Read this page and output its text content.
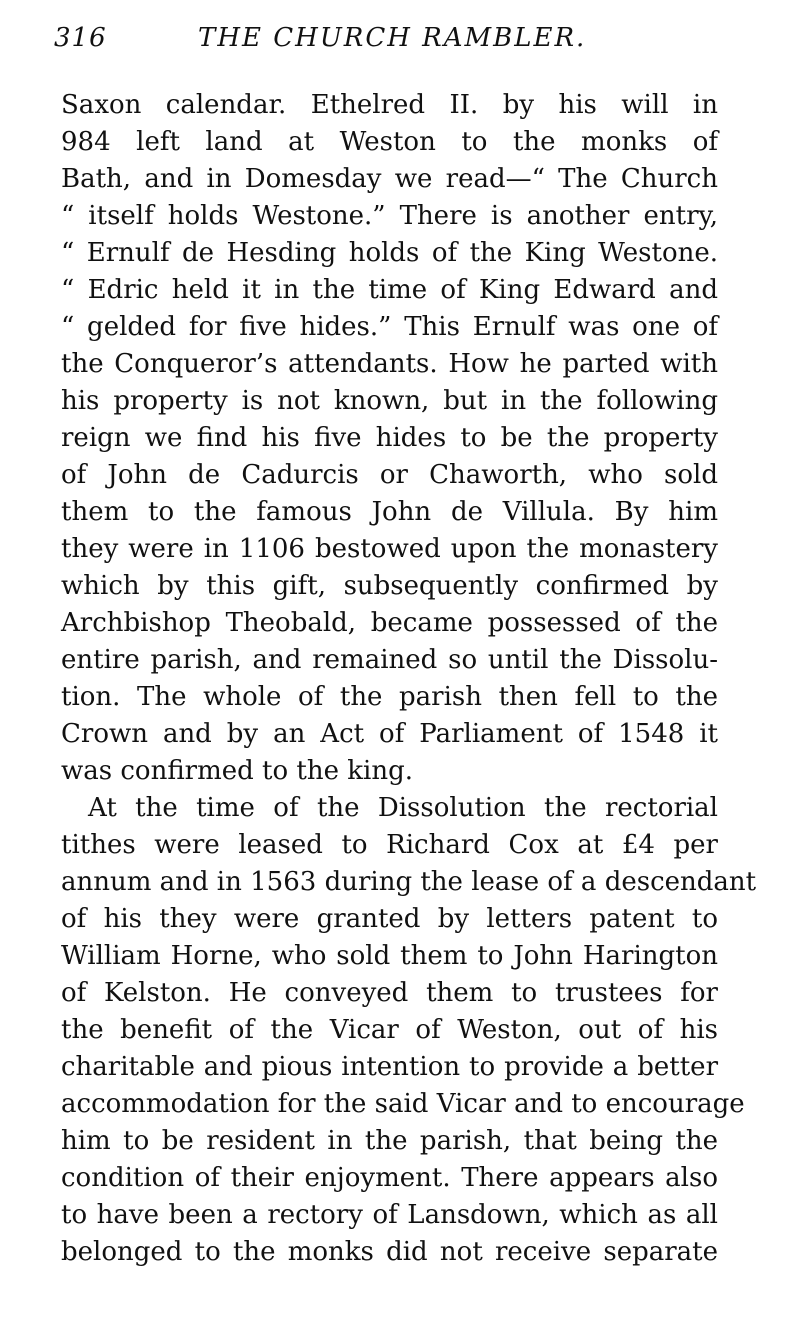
316	THE CHURCH RAMBLER.
Saxon calendar. Ethelred II. by his will in
984 left land at Weston to the monks of
Bath, and in Domesday we read—“ The Church
“ itself holds Westone.” There is another entry,
“ Ernulf de Hesding holds of the King Westone.
“ Edric held it in the time of King Edward and
“ gelded for five hides.” This Ernulf was one of
the Conqueror’s attendants. How he parted with
his property is not known, but in the following
reign we find his five hides to be the property
of John de Cadurcis or Chaworth, who sold
them to the famous John de Villula. By him
they were in 1106 bestowed upon the monastery
which by this gift, subsequently confirmed by
Archbishop Theobald, became possessed of the
entire parish, and remained so until the Dissolu-
tion. The whole of the parish then fell to the
Crown and by an Act of Parliament of 1548 it
was confirmed to the king.
At the time of the Dissolution the rectorial
tithes were leased to Richard Cox at £4 per
annum and in 1563 during the lease of a descendant
of his they were granted by letters patent to
William Horne, who sold them to John Harington
of Kelston. He conveyed them to trustees for
the benefit of the Vicar of Weston, out of his
charitable and pious intention to provide a better
accommodation for the said Vicar and to encourage
him to be resident in the parish, that being the
condition of their enjoyment. There appears also
to have been a rectory of Lansdown, which as all
belonged to the monks did not receive separate
